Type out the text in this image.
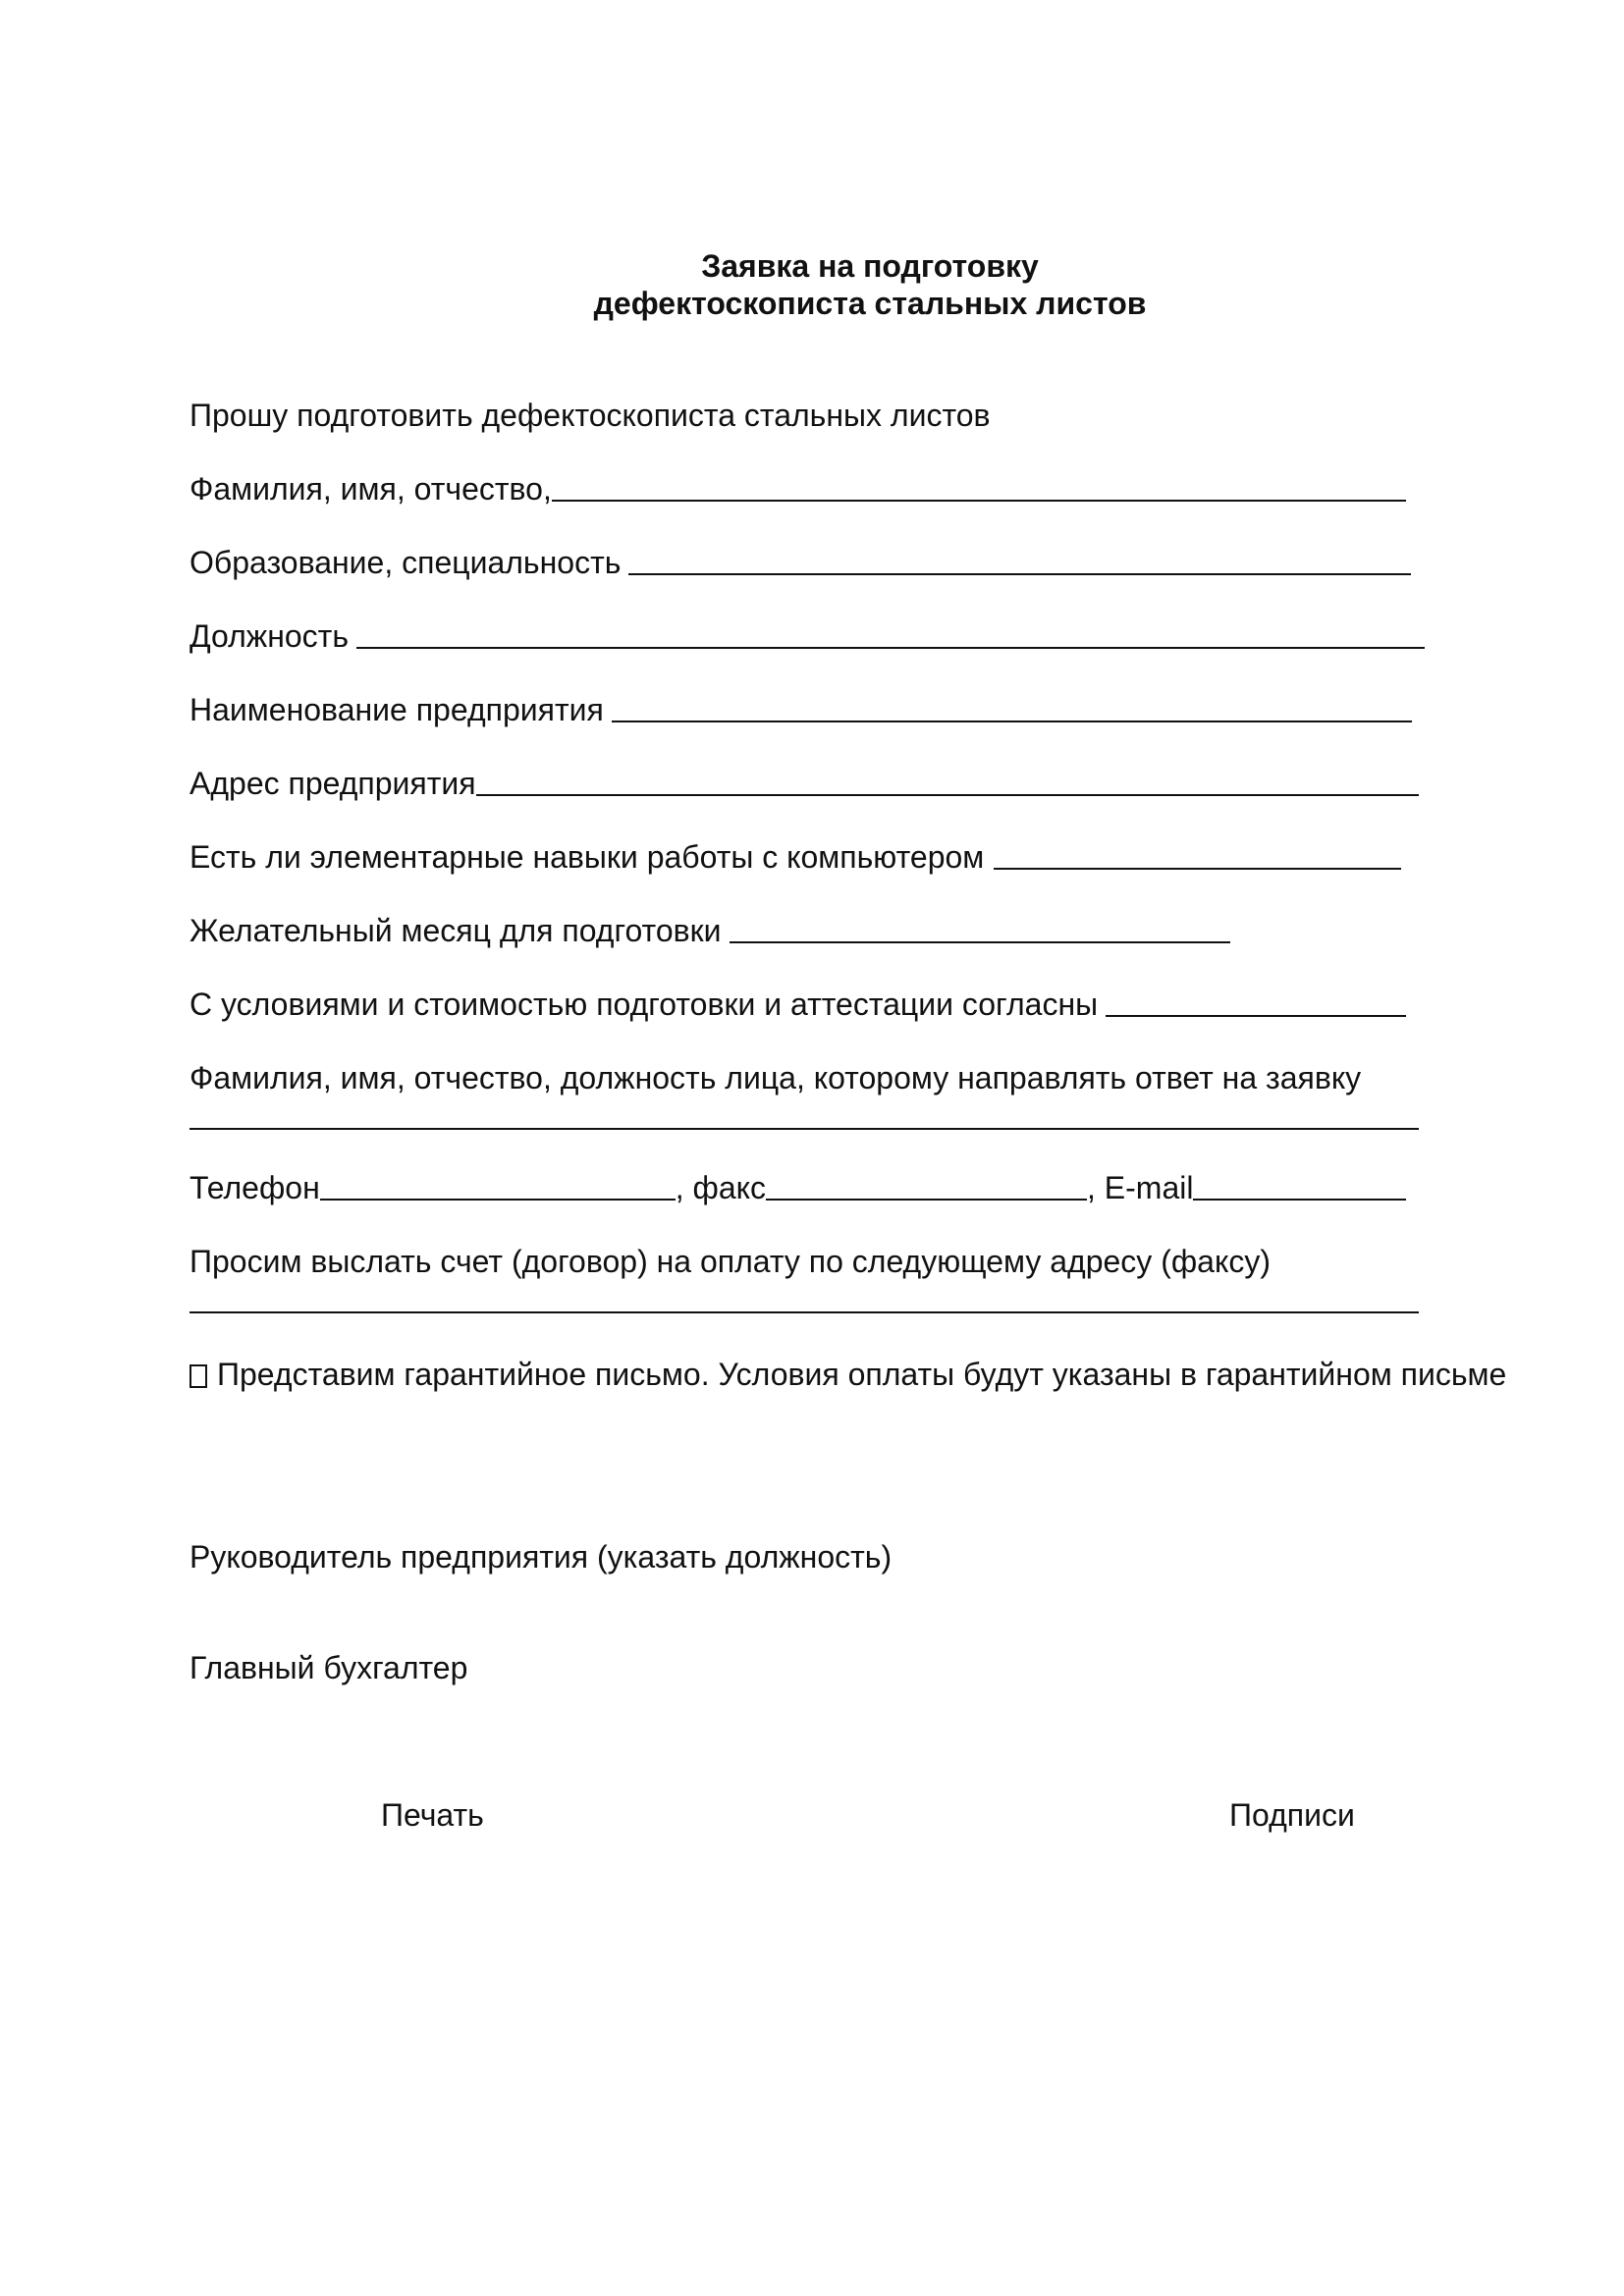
Заявка на подготовку
дефектоскописта стальных листов
Прошу подготовить дефектоскописта стальных листов
Фамилия, имя, отчество,
Образование, специальность
Должность
Наименование предприятия
Адрес предприятия
Есть ли элементарные навыки работы с компьютером
Желательный месяц для подготовки
С условиями и стоимостью подготовки и аттестации согласны
Фамилия, имя, отчество, должность лица, которому направлять ответ на заявку
Телефон	, факс	, E-mail
Просим выслать счет (договор) на оплату по следующему адресу (факсу)
Представим гарантийное письмо. Условия оплаты будут указаны в гарантийном письме
Руководитель предприятия (указать должность)
Главный бухгалтер
Печать	Подписи
